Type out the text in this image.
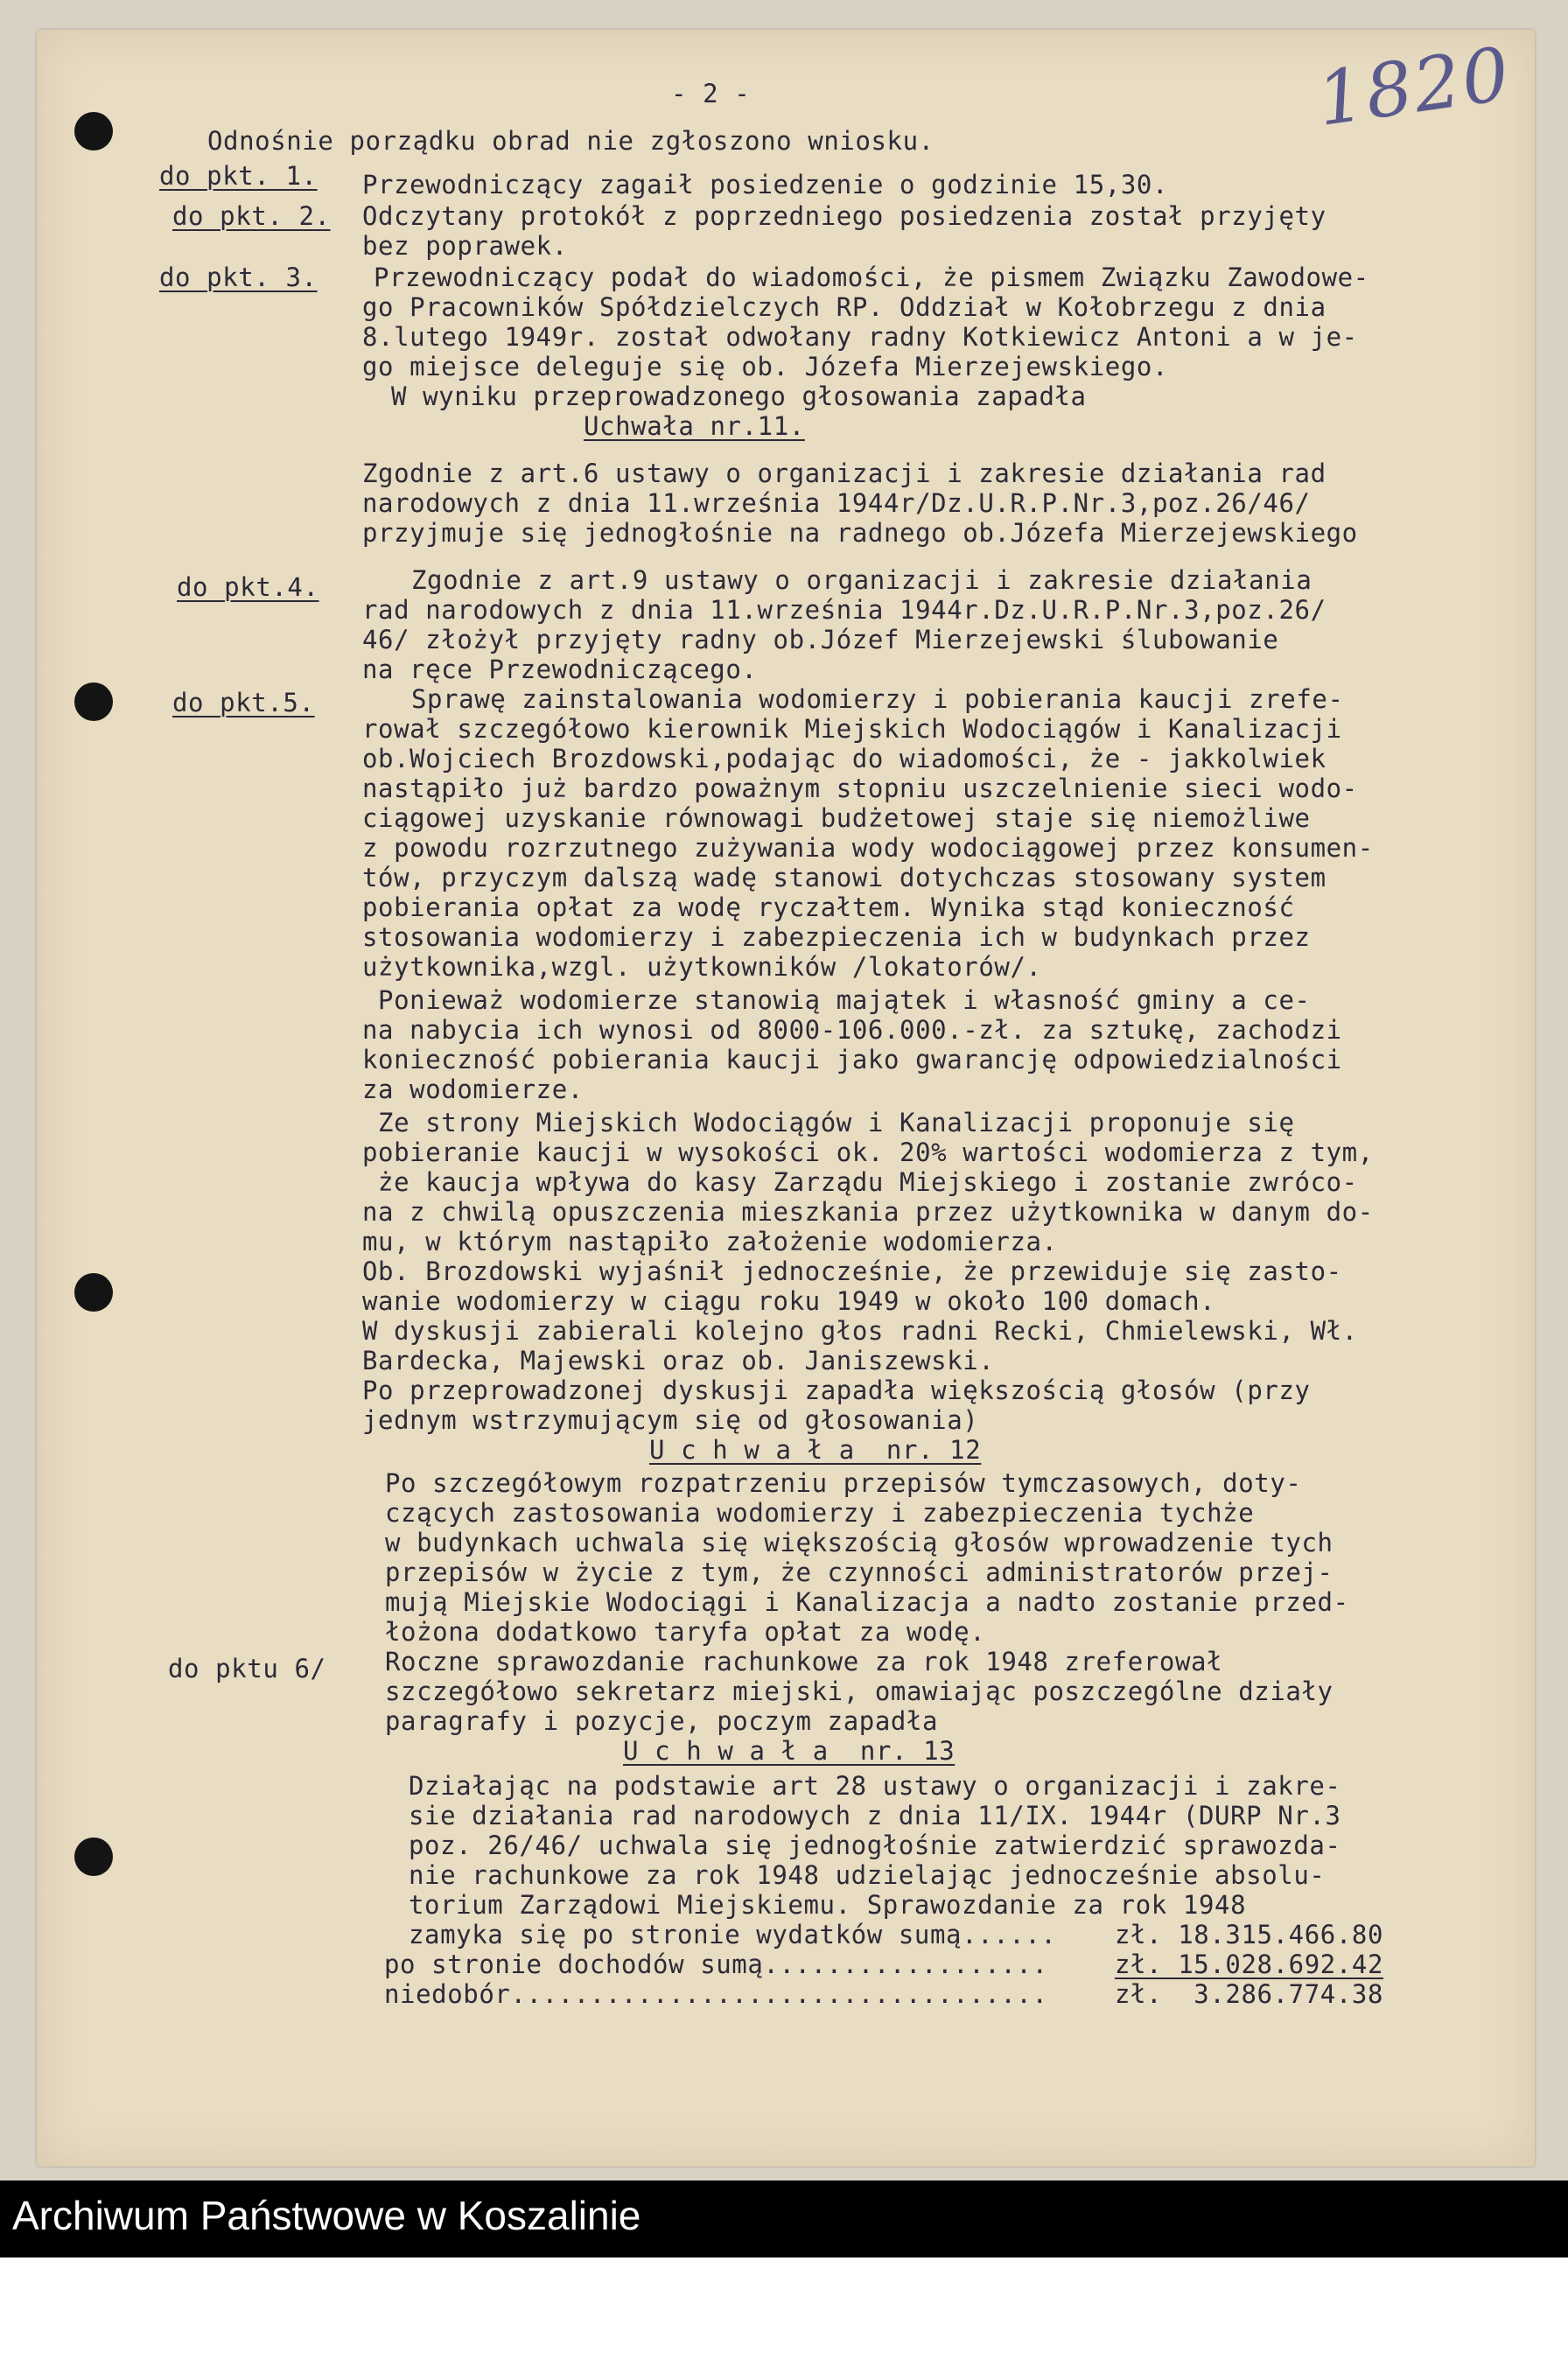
1820

- 2 -

Odnośnie porządku obrad nie zgłoszono wniosku.

do pkt. 1.

Przewodniczący zagaił posiedzenie o godzinie 15,30.

do pkt. 2.

Odczytany protokół z poprzedniego posiedzenia został przyjęty

bez poprawek.

do pkt. 3.

Przewodniczący podał do wiadomości, że pismem Związku Zawodowe-

go Pracowników Spółdzielczych RP. Oddział w Kołobrzegu z dnia

8.lutego 1949r. został odwołany radny Kotkiewicz Antoni a w je-

go miejsce deleguje się ob. Józefa Mierzejewskiego.

W wyniku przeprowadzonego głosowania zapadła

Uchwała nr.11.

Zgodnie z art.6 ustawy o organizacji i zakresie działania rad

narodowych z dnia 11.września 1944r/Dz.U.R.P.Nr.3,poz.26/46/

przyjmuje się jednogłośnie na radnego ob.Józefa Mierzejewskiego

do pkt.4.

	Zgodnie z art.9 ustawy o organizacji i zakresie działania

rad narodowych z dnia 11.września 1944r.Dz.U.R.P.Nr.3,poz.26/

46/ złożył przyjęty radny ob.Józef Mierzejewski ślubowanie

na ręce Przewodniczącego.

do pkt.5.

	Sprawę zainstalowania wodomierzy i pobierania kaucji zrefe-

rował szczegółowo kierownik Miejskich Wodociągów i Kanalizacji

ob.Wojciech Brozdowski,podając do wiadomości, że - jakkolwiek

nastąpiło już bardzo poważnym stopniu uszczelnienie sieci wodo-

ciągowej uzyskanie równowagi budżetowej staje się niemożliwe

z powodu rozrzutnego zużywania wody wodociągowej przez konsumen-

tów, przyczym dalszą wadę stanowi dotychczas stosowany system

pobierania opłat za wodę ryczałtem. Wynika stąd konieczność

stosowania wodomierzy i zabezpieczenia ich w budynkach przez

użytkownika,wzgl. użytkowników /lokatorów/.

Ponieważ wodomierze stanowią majątek i własność gminy a ce-

na nabycia ich wynosi od 8000-106.000.-zł. za sztukę, zachodzi

konieczność pobierania kaucji jako gwarancję odpowiedzialności

za wodomierze.

Ze strony Miejskich Wodociągów i Kanalizacji proponuje się

pobieranie kaucji w wysokości ok. 20% wartości wodomierza z tym,

że kaucja wpływa do kasy Zarządu Miejskiego i zostanie zwróco-

na z chwilą opuszczenia mieszkania przez użytkownika w danym do-

mu, w którym nastąpiło założenie wodomierza.

Ob. Brozdowski wyjaśnił jednocześnie, że przewiduje się zasto-

wanie wodomierzy w ciągu roku 1949 w około 100 domach.

W dyskusji zabierali kolejno głos radni Recki, Chmielewski, Wł.

Bardecka, Majewski oraz ob. Janiszewski.

Po przeprowadzonej dyskusji zapadła większością głosów (przy

jednym wstrzymującym się od głosowania)

U c h w a ł a  nr. 12

Po szczegółowym rozpatrzeniu przepisów tymczasowych, doty-

czących zastosowania wodomierzy i zabezpieczenia tychże

w budynkach uchwala się większością głosów wprowadzenie tych

przepisów w życie z tym, że czynności administratorów przej-

mują Miejskie Wodociągi i Kanalizacja a nadto zostanie przed-

łożona dodatkowo taryfa opłat za wodę.

do pktu 6/

Roczne sprawozdanie rachunkowe za rok 1948 zreferował

szczegółowo sekretarz miejski, omawiając poszczególne działy

paragrafy i pozycje, poczym zapadła

U c h w a ł a  nr. 13

Działając na podstawie art 28 ustawy o organizacji i zakre-

sie działania rad narodowych z dnia 11/IX. 1944r (DURP Nr.3

poz. 26/46/ uchwala się jednogłośnie zatwierdzić sprawozda-

nie rachunkowe za rok 1948 udzielając jednocześnie absolu-

torium Zarządowi Miejskiemu. Sprawozdanie za rok 1948

zamyka się po stronie wydatków sumą......

zł. 18.315.466.80

po stronie dochodów sumą..................

	zł. 15.028.692.42

niedobór..................................

	zł.  3.286.774.38

Archiwum Państwowe w Koszalinie
